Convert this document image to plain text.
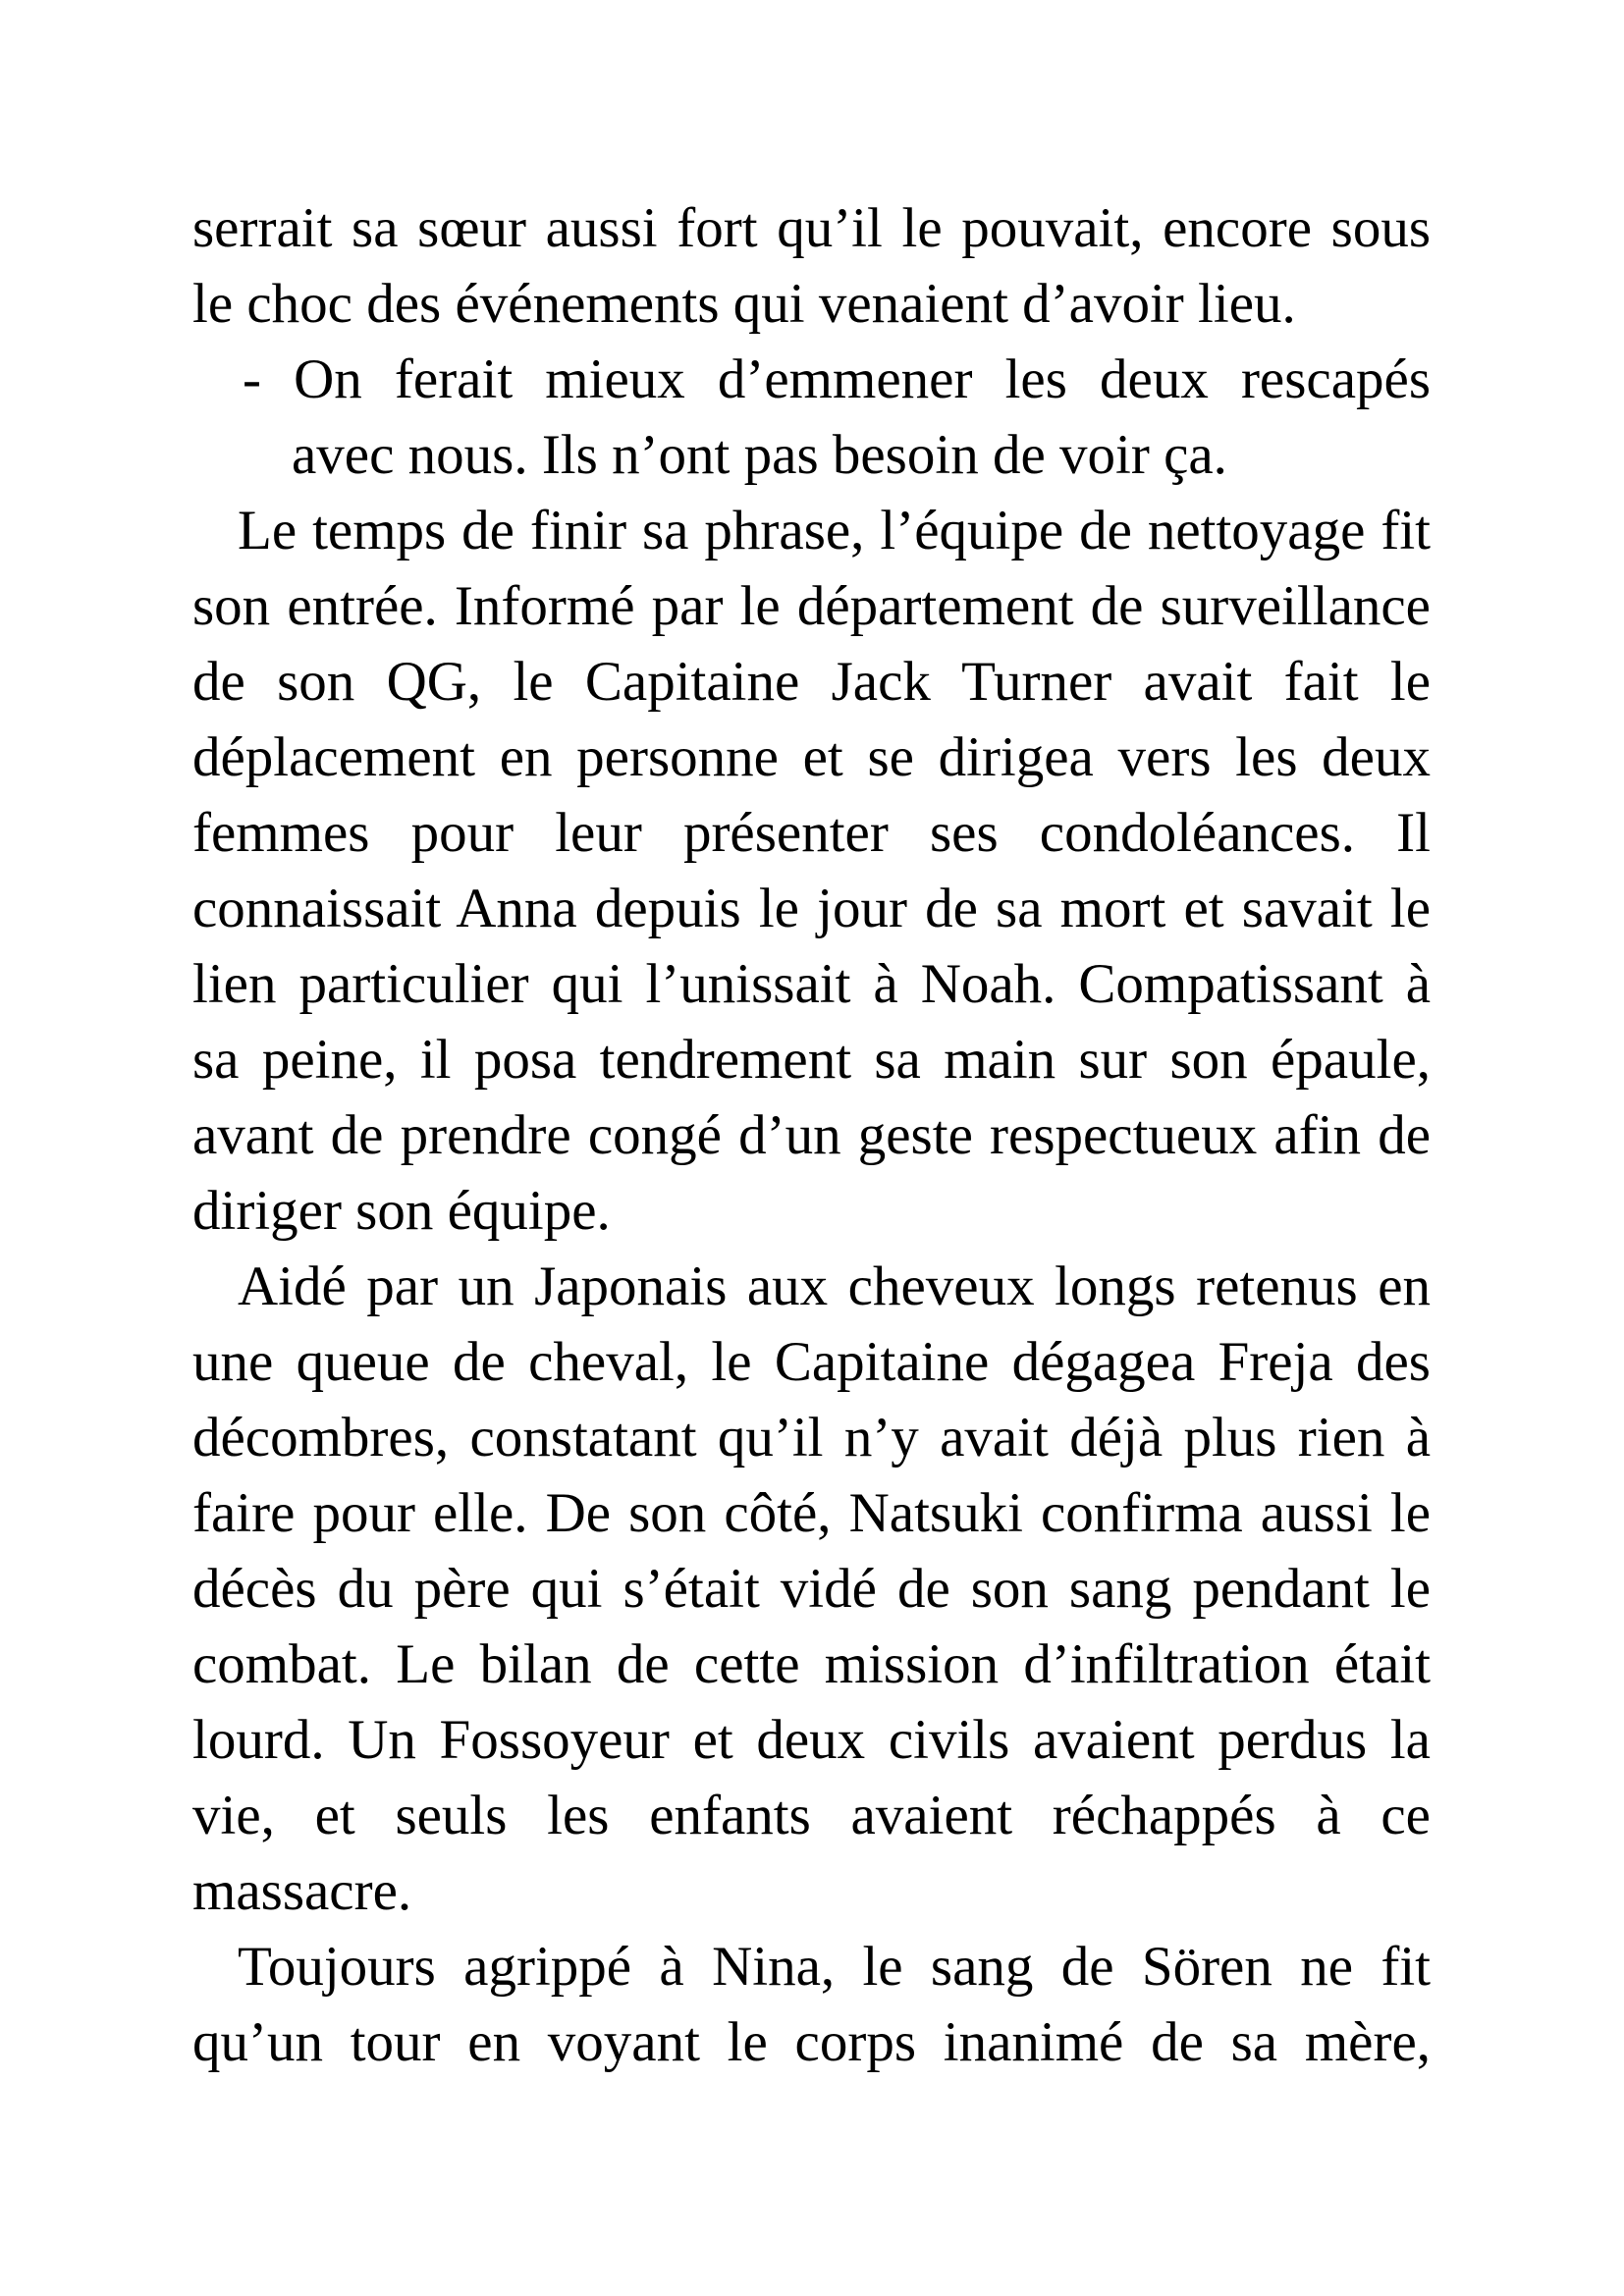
serrait sa sœur aussi fort qu’il le pouvait, encore sous
le choc des événements qui venaient d’avoir lieu.
- On ferait mieux d’emmener les deux rescapés
avec nous. Ils n’ont pas besoin de voir ça.
Le temps de finir sa phrase, l’équipe de nettoyage fit
son entrée. Informé par le département de surveillance
de son QG, le Capitaine Jack Turner avait fait le
déplacement en personne et se dirigea vers les deux
femmes pour leur présenter ses condoléances. Il
connaissait Anna depuis le jour de sa mort et savait le
lien particulier qui l’unissait à Noah. Compatissant à
sa peine, il posa tendrement sa main sur son épaule,
avant de prendre congé d’un geste respectueux afin de
diriger son équipe.
Aidé par un Japonais aux cheveux longs retenus en
une queue de cheval, le Capitaine dégagea Freja des
décombres, constatant qu’il n’y avait déjà plus rien à
faire pour elle. De son côté, Natsuki confirma aussi le
décès du père qui s’était vidé de son sang pendant le
combat. Le bilan de cette mission d’infiltration était
lourd. Un Fossoyeur et deux civils avaient perdus la
vie, et seuls les enfants avaient réchappés à ce
massacre.
Toujours agrippé à Nina, le sang de Sören ne fit
qu’un tour en voyant le corps inanimé de sa mère,
